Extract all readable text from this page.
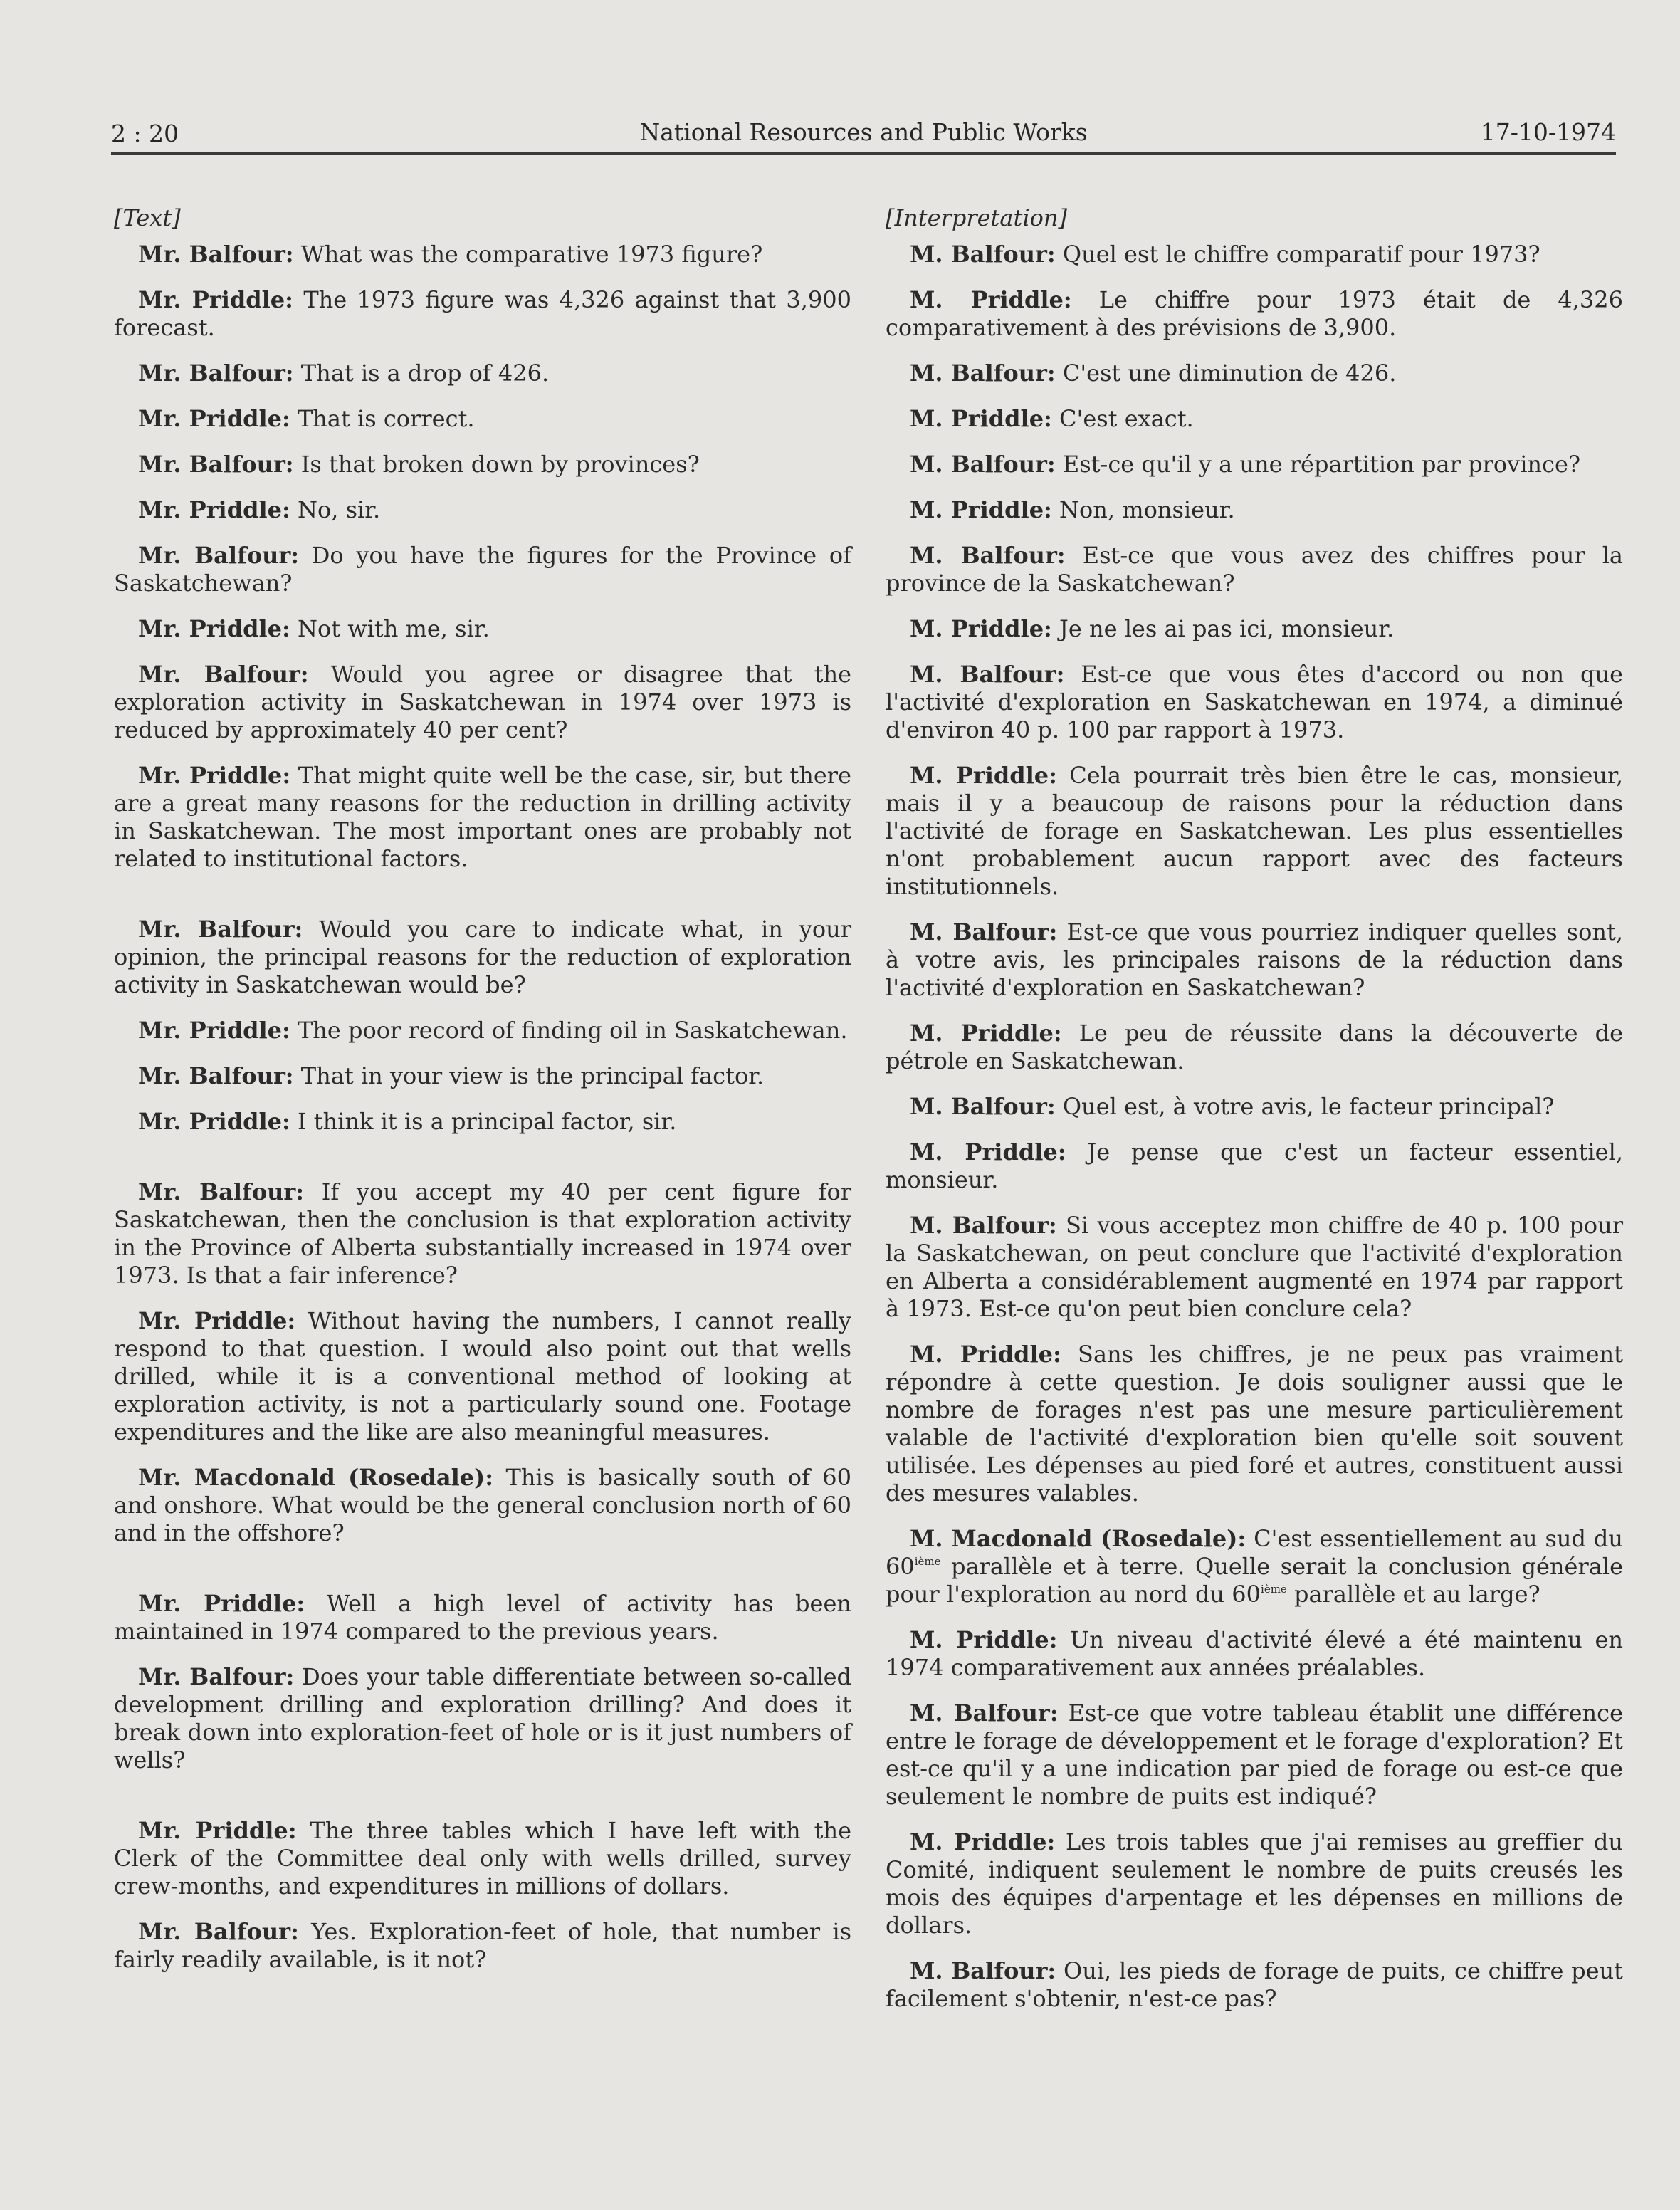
2 : 20	National Resources and Public Works	17-10-1974
[Text]

Mr. Balfour: What was the comparative 1973 figure?

Mr. Priddle: The 1973 figure was 4,326 against that 3,900 forecast.

Mr. Balfour: That is a drop of 426.

Mr. Priddle: That is correct.

Mr. Balfour: Is that broken down by provinces?

Mr. Priddle: No, sir.

Mr. Balfour: Do you have the figures for the Province of Saskatchewan?

Mr. Priddle: Not with me, sir.

Mr. Balfour: Would you agree or disagree that the exploration activity in Saskatchewan in 1974 over 1973 is reduced by approximately 40 per cent?

Mr. Priddle: That might quite well be the case, sir, but there are a great many reasons for the reduction in drilling activity in Saskatchewan. The most important ones are probably not related to institutional factors.

Mr. Balfour: Would you care to indicate what, in your opinion, the principal reasons for the reduction of exploration activity in Saskatchewan would be?

Mr. Priddle: The poor record of finding oil in Saskatchewan.

Mr. Balfour: That in your view is the principal factor.

Mr. Priddle: I think it is a principal factor, sir.

Mr. Balfour: If you accept my 40 per cent figure for Saskatchewan, then the conclusion is that exploration activity in the Province of Alberta substantially increased in 1974 over 1973. Is that a fair inference?

Mr. Priddle: Without having the numbers, I cannot really respond to that question. I would also point out that wells drilled, while it is a conventional method of looking at exploration activity, is not a particularly sound one. Footage expenditures and the like are also meaningful measures.

Mr. Macdonald (Rosedale): This is basically south of 60 and onshore. What would be the general conclusion north of 60 and in the offshore?

Mr. Priddle: Well a high level of activity has been maintained in 1974 compared to the previous years.

Mr. Balfour: Does your table differentiate between so-called development drilling and exploration drilling? And does it break down into exploration-feet of hole or is it just numbers of wells?

Mr. Priddle: The three tables which I have left with the Clerk of the Committee deal only with wells drilled, survey crew-months, and expenditures in millions of dollars.

Mr. Balfour: Yes. Exploration-feet of hole, that number is fairly readily available, is it not?

[Interpretation]

M. Balfour: Quel est le chiffre comparatif pour 1973?

M. Priddle: Le chiffre pour 1973 était de 4,326 comparativement à des prévisions de 3,900.

M. Balfour: C'est une diminution de 426.

M. Priddle: C'est exact.

M. Balfour: Est-ce qu'il y a une répartition par province?

M. Priddle: Non, monsieur.

M. Balfour: Est-ce que vous avez des chiffres pour la province de la Saskatchewan?

M. Priddle: Je ne les ai pas ici, monsieur.

M. Balfour: Est-ce que vous êtes d'accord ou non que l'activité d'exploration en Saskatchewan en 1974, a diminué d'environ 40 p. 100 par rapport à 1973.

M. Priddle: Cela pourrait très bien être le cas, monsieur, mais il y a beaucoup de raisons pour la réduction dans l'activité de forage en Saskatchewan. Les plus essentielles n'ont probablement aucun rapport avec des facteurs institutionnels.

M. Balfour: Est-ce que vous pourriez indiquer quelles sont, à votre avis, les principales raisons de la réduction dans l'activité d'exploration en Saskatchewan?

M. Priddle: Le peu de réussite dans la découverte de pétrole en Saskatchewan.

M. Balfour: Quel est, à votre avis, le facteur principal?

M. Priddle: Je pense que c'est un facteur essentiel, monsieur.

M. Balfour: Si vous acceptez mon chiffre de 40 p. 100 pour la Saskatchewan, on peut conclure que l'activité d'exploration en Alberta a considérablement augmenté en 1974 par rapport à 1973. Est-ce qu'on peut bien conclure cela?

M. Priddle: Sans les chiffres, je ne peux pas vraiment répondre à cette question. Je dois souligner aussi que le nombre de forages n'est pas une mesure particulièrement valable de l'activité d'exploration bien qu'elle soit souvent utilisée. Les dépenses au pied foré et autres, constituent aussi des mesures valables.

M. Macdonald (Rosedale): C'est essentiellement au sud du 60ième parallèle et à terre. Quelle serait la conclusion générale pour l'exploration au nord du 60ième parallèle et au large?

M. Priddle: Un niveau d'activité élevé a été maintenu en 1974 comparativement aux années préalables.

M. Balfour: Est-ce que votre tableau établit une différence entre le forage de développement et le forage d'exploration? Et est-ce qu'il y a une indication par pied de forage ou est-ce que seulement le nombre de puits est indiqué?

M. Priddle: Les trois tables que j'ai remises au greffier du Comité, indiquent seulement le nombre de puits creusés les mois des équipes d'arpentage et les dépenses en millions de dollars.

M. Balfour: Oui, les pieds de forage de puits, ce chiffre peut facilement s'obtenir, n'est-ce pas?
